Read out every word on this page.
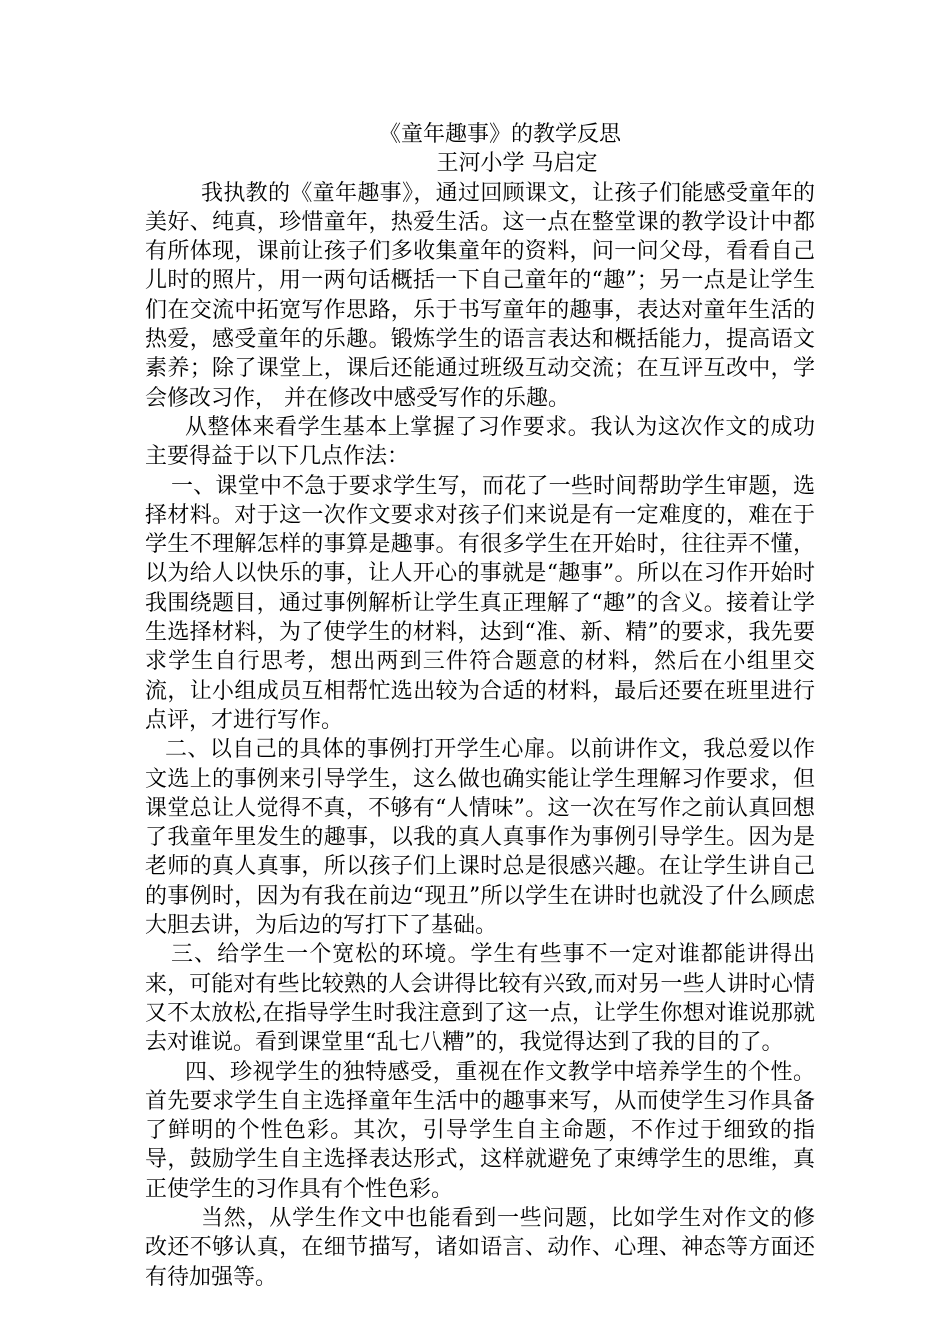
《童年趣事》的教学反思

王河小学 马启定

我执教的《童年趣事》，通过回顾课文，让孩子们能感受童年的美好、纯真，珍惜童年，热爱生活。这一点在整堂课的教学设计中都有所体现，课前让孩子们多收集童年的资料，问一问父母，看看自己儿时的照片，用一两句话概括一下自己童年的“趣”；另一点是让学生们在交流中拓宽写作思路，乐于书写童年的趣事，表达对童年生活的热爱，感受童年的乐趣。锻炼学生的语言表达和概括能力，提高语文素养；除了课堂上，课后还能通过班级互动交流；在互评互改中，学会修改习作， 并在修改中感受写作的乐趣。

从整体来看学生基本上掌握了习作要求。我认为这次作文的成功主要得益于以下几点作法：

一、课堂中不急于要求学生写，而花了一些时间帮助学生审题，选择材料。对于这一次作文要求对孩子们来说是有一定难度的，难在于学生不理解怎样的事算是趣事。有很多学生在开始时，往往弄不懂，以为给人以快乐的事，让人开心的事就是“趣事”。所以在习作开始时我围绕题目，通过事例解析让学生真正理解了“趣”的含义。接着让学生选择材料，为了使学生的材料，达到“准、新、精”的要求，我先要求学生自行思考，想出两到三件符合题意的材料，然后在小组里交流，让小组成员互相帮忙选出较为合适的材料，最后还要在班里进行点评，才进行写作。

二、以自己的具体的事例打开学生心扉。以前讲作文，我总爱以作文选上的事例来引导学生，这么做也确实能让学生理解习作要求，但课堂总让人觉得不真，不够有“人情味”。这一次在写作之前认真回想了我童年里发生的趣事，以我的真人真事作为事例引导学生。因为是老师的真人真事，所以孩子们上课时总是很感兴趣。在让学生讲自己的事例时，因为有我在前边“现丑”所以学生在讲时也就没了什么顾虑大胆去讲，为后边的写打下了基础。

三、给学生一个宽松的环境。学生有些事不一定对谁都能讲得出来，可能对有些比较熟的人会讲得比较有兴致,而对另一些人讲时心情又不太放松,在指导学生时我注意到了这一点，让学生你想对谁说那就去对谁说。看到课堂里“乱七八糟”的，我觉得达到了我的目的了。

四、珍视学生的独特感受，重视在作文教学中培养学生的个性。首先要求学生自主选择童年生活中的趣事来写，从而使学生习作具备了鲜明的个性色彩。其次，引导学生自主命题，不作过于细致的指导，鼓励学生自主选择表达形式，这样就避免了束缚学生的思维，真正使学生的习作具有个性色彩。

当然，从学生作文中也能看到一些问题，比如学生对作文的修改还不够认真，在细节描写，诸如语言、动作、心理、神态等方面还有待加强等。
